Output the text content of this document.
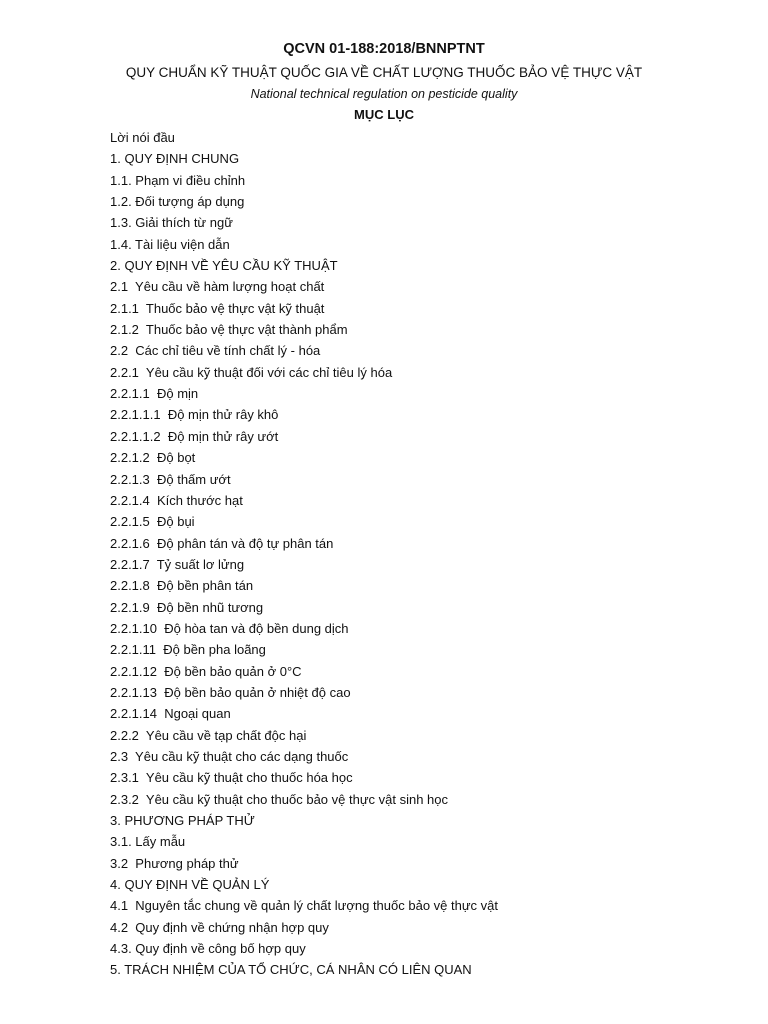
QCVN 01-188:2018/BNNPTNT
QUY CHUẨN KỸ THUẬT QUỐC GIA VỀ CHẤT LƯỢNG THUỐC BẢO VỆ THỰC VẬT
National technical regulation on pesticide quality
MỤC LỤC
Lời nói đầu
1. QUY ĐỊNH CHUNG
1.1. Phạm vi điều chỉnh
1.2. Đối tượng áp dụng
1.3. Giải thích từ ngữ
1.4. Tài liệu viện dẫn
2. QUY ĐỊNH VỀ YÊU CẦU KỸ THUẬT
2.1  Yêu cầu về hàm lượng hoạt chất
2.1.1  Thuốc bảo vệ thực vật kỹ thuật
2.1.2  Thuốc bảo vệ thực vật thành phẩm
2.2  Các chỉ tiêu về tính chất lý - hóa
2.2.1  Yêu cầu kỹ thuật đối với các chỉ tiêu lý hóa
2.2.1.1  Độ mịn
2.2.1.1.1  Độ mịn thử rây khô
2.2.1.1.2  Độ mịn thử rây ướt
2.2.1.2  Độ bọt
2.2.1.3  Độ thấm ướt
2.2.1.4  Kích thước hạt
2.2.1.5  Độ bụi
2.2.1.6  Độ phân tán và độ tự phân tán
2.2.1.7  Tỷ suất lơ lửng
2.2.1.8  Độ bền phân tán
2.2.1.9  Độ bền nhũ tương
2.2.1.10  Độ hòa tan và độ bền dung dịch
2.2.1.11  Độ bền pha loãng
2.2.1.12  Độ bền bảo quản ở 0°C
2.2.1.13  Độ bền bảo quản ở nhiệt độ cao
2.2.1.14  Ngoại quan
2.2.2  Yêu cầu về tạp chất độc hại
2.3  Yêu cầu kỹ thuật cho các dạng thuốc
2.3.1  Yêu cầu kỹ thuật cho thuốc hóa học
2.3.2  Yêu cầu kỹ thuật cho thuốc bảo vệ thực vật sinh học
3. PHƯƠNG PHÁP THỬ
3.1. Lấy mẫu
3.2  Phương pháp thử
4. QUY ĐỊNH VỀ QUẢN LÝ
4.1  Nguyên tắc chung về quản lý chất lượng thuốc bảo vệ thực vật
4.2  Quy định về chứng nhận hợp quy
4.3. Quy định về công bố hợp quy
5. TRÁCH NHIỆM CỦA TỔ CHỨC, CÁ NHÂN CÓ LIÊN QUAN
